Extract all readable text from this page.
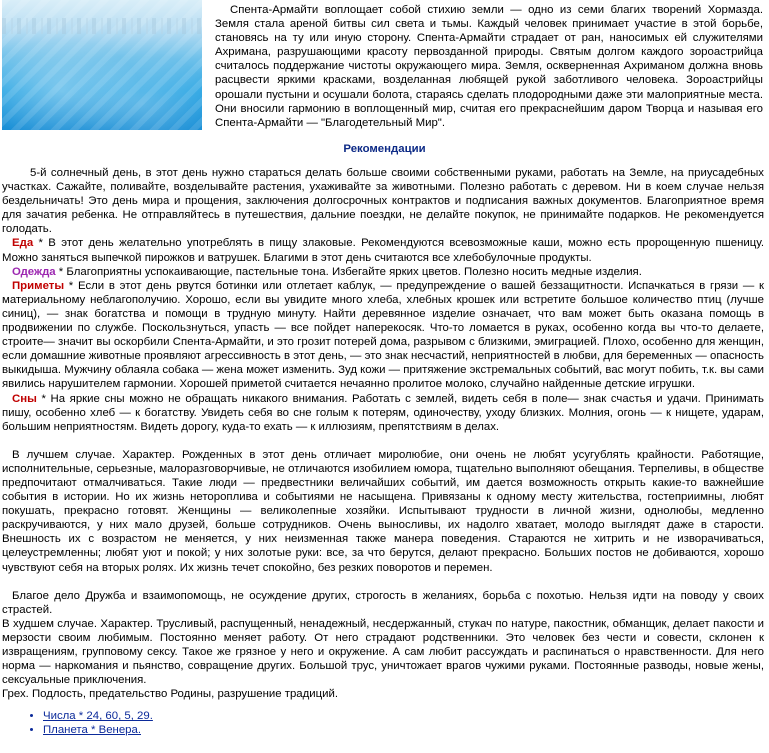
Спента-Армайти воплощает собой стихию земли — одно из семи благих творений Хормазда. Земля стала ареной битвы сил света и тьмы. Каждый человек принимает участие в этой борьбе, становясь на ту или иную сторону. Спента-Армайти страдает от ран, наносимых ей служителями Ахримана, разрушающими красоту первозданной природы. Святым долгом каждого зороастрийца считалось поддержание чистоты окружающего мира. Земля, оскверненная Ахриманом должна вновь расцвести яркими красками, возделанная любящей рукой заботливого человека. Зороастрийцы орошали пустыни и осушали болота, стараясь сделать плодородными даже эти малоприятные места. Они вносили гармонию в воплощенный мир, считая его прекраснейшим даром Творца и называя его Спента-Армайти — "Благодетельный Мир".

Рекомендации

5-й солнечный день, в этот день нужно стараться делать больше своими собственными руками, работать на Земле, на приусадебных участках. Сажайте, поливайте, возделывайте растения, ухаживайте за животными. Полезно работать с деревом. Ни в коем случае нельзя бездельничать! Это день мира и прощения, заключения долгосрочных контрактов и подписания важных документов. Благоприятное время для зачатия ребенка. Не отправляйтесь в путешествия, дальние поездки, не делайте покупок, не принимайте подарков. Не рекомендуется голодать.

Еда * В этот день желательно употреблять в пищу злаковые. Рекомендуются всевозможные каши, можно есть пророщенную пшеницу. Можно заняться выпечкой пирожков и ватрушек. Благими в этот день считаются все хлебобулочные продукты.

Одежда * Благоприятны успокаивающие, пастельные тона. Избегайте ярких цветов. Полезно носить медные изделия.

Приметы * Если в этот день рвутся ботинки или отлетает каблук, — предупреждение о вашей беззащитности. Испачкаться в грязи — к материальному неблагополучию. Хорошо, если вы увидите много хлеба, хлебных крошек или встретите большое количество птиц (лучше синиц), — знак богатства и помощи в трудную минуту. Найти деревянное изделие означает, что вам может быть оказана помощь в продвижении по службе. Поскользнуться, упасть — все пойдет наперекосяк. Что-то ломается в руках, особенно когда вы что-то делаете, строите— значит вы оскорбили Спента-Армайти, и это грозит потерей дома, разрывом с близкими, эмиграцией. Плохо, особенно для женщин, если домашние животные проявляют агрессивность в этот день, — это знак несчастий, неприятностей в любви, для беременных — опасность выкидыша. Мужчину облаяла собака — жена может изменить. Зуд кожи — притяжение экстремальных событий, вас могут побить, т.к. вы сами явились нарушителем гармонии. Хорошей приметой считается нечаянно пролитое молоко, случайно найденные детские игрушки.

Сны * На яркие сны можно не обращать никакого внимания. Работать с землей, видеть себя в поле— знак счастья и удачи. Принимать пишу, особенно хлеб — к богатству. Увидеть себя во сне голым к потерям, одиночеству, уходу близких. Молния, огонь — к нищете, ударам, большим неприятностям. Видеть дорогу, куда-то ехать — к иллюзиям, препятствиям в делах.

В лучшем случае. Характер. Рожденных в этот день отличает миролюбие, они очень не любят усугублять крайности. Работящие, исполнительные, серьезные, малоразговорчивые, не отличаются изобилием юмора, тщательно выполняют обещания. Терпеливы, в обществе предпочитают отмалчиваться. Такие люди — предвестники величайших событий, им дается возможность открыть какие-то важнейшие события в истории. Но их жизнь нетороплива и событиями не насыщена. Привязаны к одному месту жительства, гостеприимны, любят покушать, прекрасно готовят. Женщины — великолепные хозяйки. Испытывают трудности в личной жизни, однолюбы, медленно раскручиваются, у них мало друзей, больше сотрудников. Очень выносливы, их надолго хватает, молодо выглядят даже в старости. Внешность их с возрастом не меняется, у них неизменная также манера поведения. Стараются не хитрить и не изворачиваться, целеустремленны; любят уют и покой; у них золотые руки: все, за что берутся, делают прекрасно. Больших постов не добиваются, хорошо чувствуют себя на вторых ролях. Их жизнь течет спокойно, без резких поворотов и перемен.

Благое дело Дружба и взаимопомощь, не осуждение других, строгость в желаниях, борьба с похотью. Нельзя идти на поводу у своих страстей.

В худшем случае. Характер. Трусливый, распущенный, ненадежный, несдержанный, стукач по натуре, пакостник, обманщик, делает пакости и мерзости своим любимым. Постоянно меняет работу. От него страдают родственники. Это человек без чести и совести, склонен к извращениям, групповому сексу. Такое же грязное у него и окружение. А сам любит рассуждать и распинаться о нравственности. Для него норма — наркомания и пьянство, совращение других. Большой трус, уничтожает врагов чужими руками. Постоянные разводы, новые жены, сексуальные приключения.

Грех. Подлость, предательство Родины, разрушение традиций.

• Числа * 24, 60, 5, 29.
• Планета * Венера.
